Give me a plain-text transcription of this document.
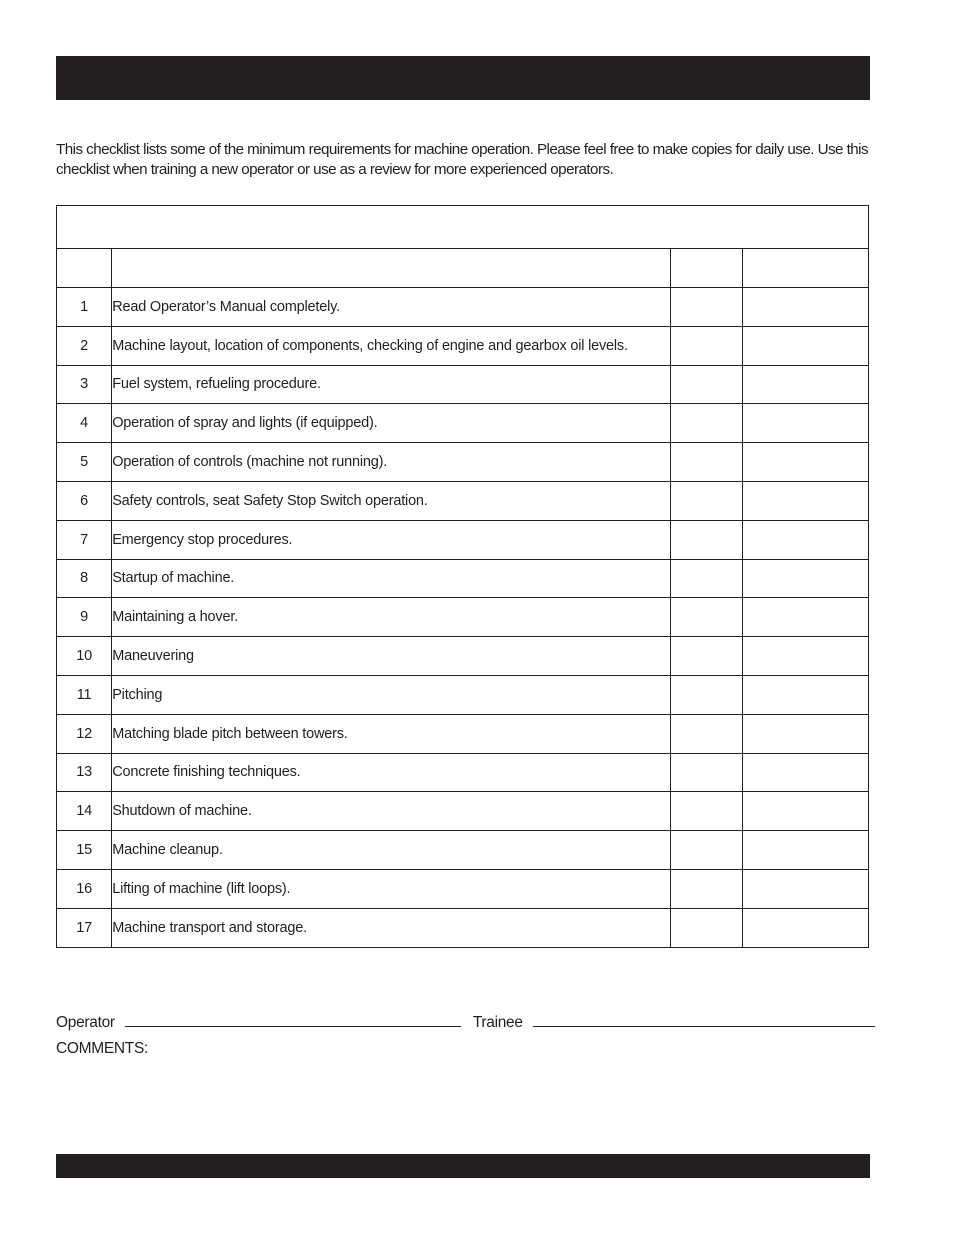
This checklist lists some of the minimum requirements for machine operation. Please feel free to make copies for daily use. Use this checklist when training a new operator or use as a review for more experienced operators.

1	Read Operator’s Manual completely.		
2	Machine layout, location of components, checking of engine and gearbox oil levels.		
3	Fuel system, refueling procedure.		
4	Operation of spray and lights (if equipped).		
5	Operation of controls (machine not running).		
6	Safety controls, seat Safety Stop Switch operation.		
7	Emergency stop procedures.		
8	Startup of machine.		
9	Maintaining a hover.		
10	Maneuvering		
11	Pitching		
12	Matching blade pitch between towers.		
13	Concrete finishing techniques.		
14	Shutdown of machine.		
15	Machine cleanup.		
16	Lifting of machine (lift loops).		
17	Machine transport and storage.		
Operator	Trainee
COMMENTS:
